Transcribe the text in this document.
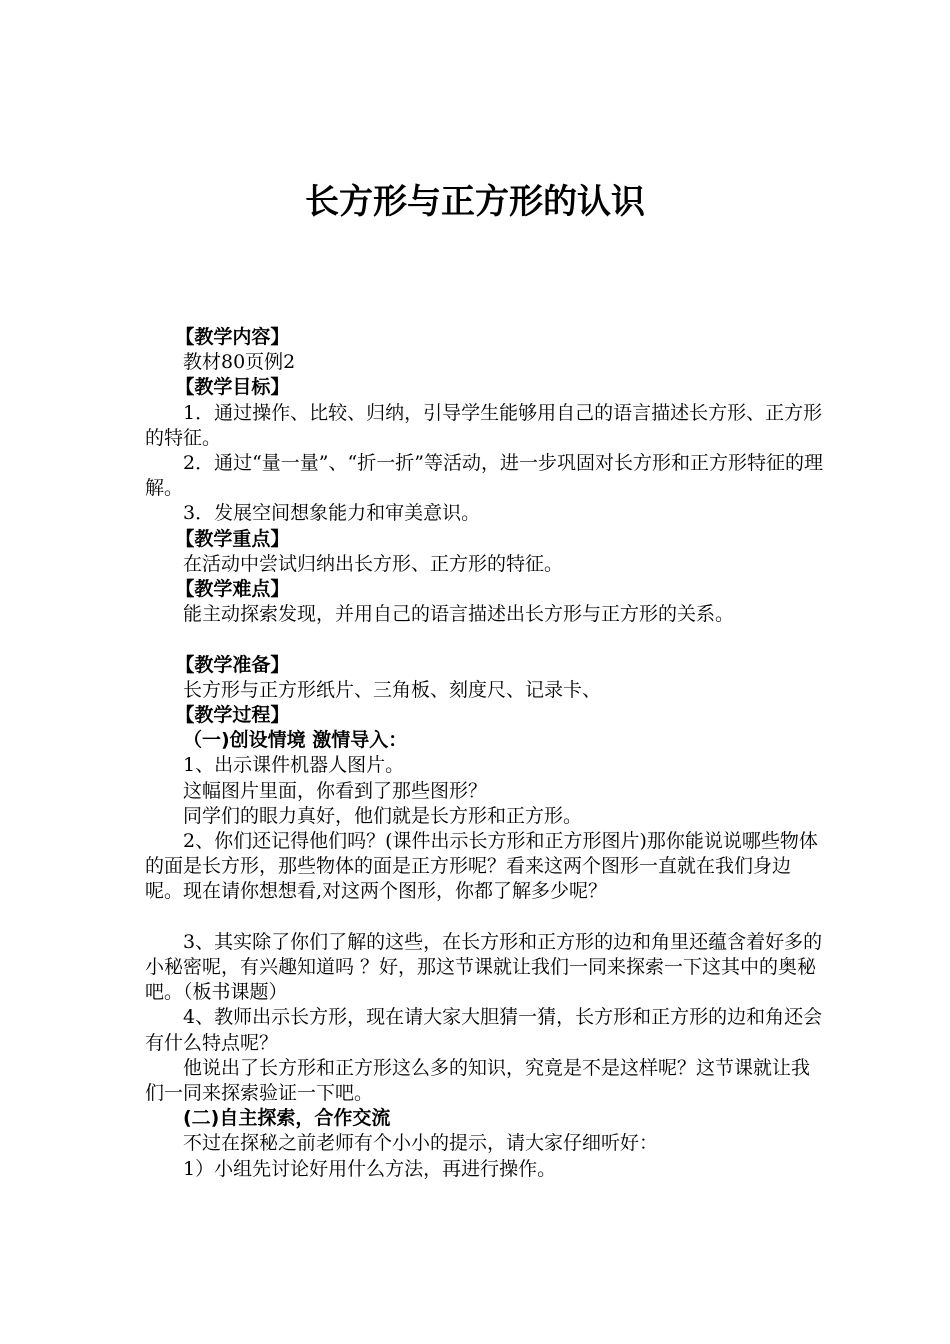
长方形与正方形的认识

【教学内容】

教材80页例2

【教学目标】

1．通过操作、比较、归纳，引导学生能够用自己的语言描述长方形、正方形的特征。

2．通过“量一量”、“折一折”等活动，进一步巩固对长方形和正方形特征的理解。

3．发展空间想象能力和审美意识。

【教学重点】

在活动中尝试归纳出长方形、正方形的特征。

【教学难点】

能主动探索发现，并用自己的语言描述出长方形与正方形的关系。

【教学准备】

长方形与正方形纸片、三角板、刻度尺、记录卡、

【教学过程】

（一)创设情境 激情导入：

1、出示课件机器人图片。

这幅图片里面，你看到了那些图形？

同学们的眼力真好，他们就是长方形和正方形。

2、你们还记得他们吗？(课件出示长方形和正方形图片)那你能说说哪些物体的面是长方形，那些物体的面是正方形呢？看来这两个图形一直就在我们身边呢。现在请你想想看,对这两个图形，你都了解多少呢？

3、其实除了你们了解的这些，在长方形和正方形的边和角里还蕴含着好多的小秘密呢，有兴趣知道吗 ？好，那这节课就让我们一同来探索一下这其中的奥秘吧。（板书课题）

4、教师出示长方形，现在请大家大胆猜一猜，长方形和正方形的边和角还会有什么特点呢？

他说出了长方形和正方形这么多的知识，究竟是不是这样呢？这节课就让我们一同来探索验证一下吧。

(二)自主探索，合作交流

不过在探秘之前老师有个小小的提示，请大家仔细听好：

1）小组先讨论好用什么方法，再进行操作。
